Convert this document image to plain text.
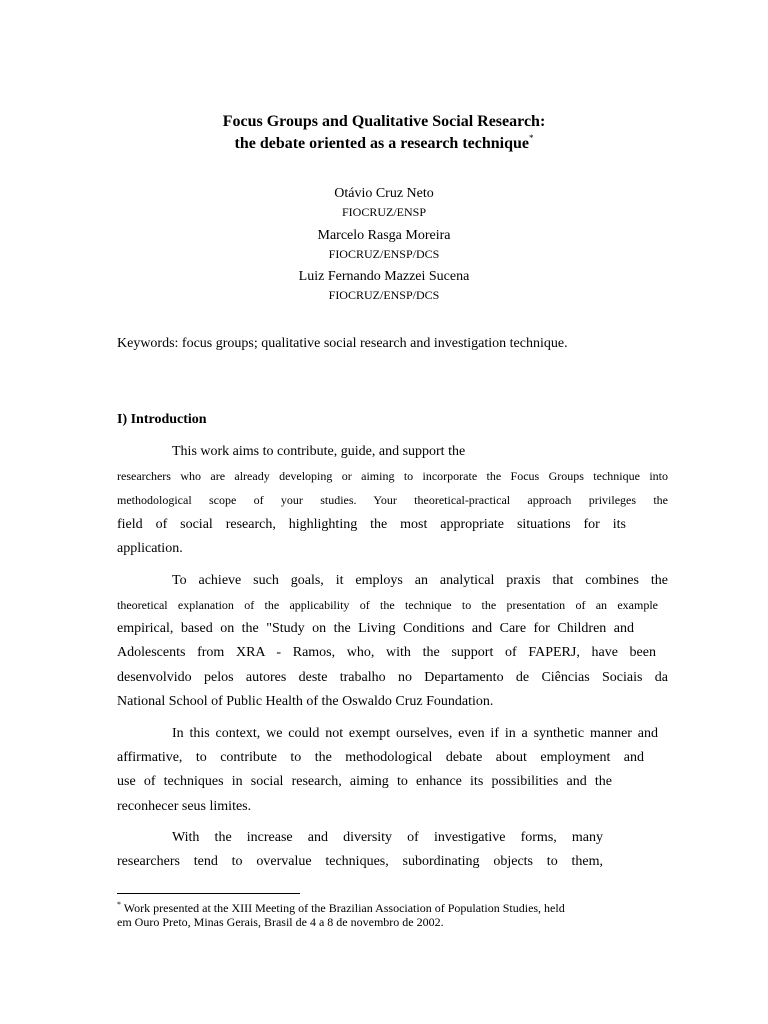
Focus Groups and Qualitative Social Research:
the debate oriented as a research technique*
Otávio Cruz Neto
FIOCRUZ/ENSP
Marcelo Rasga Moreira
FIOCRUZ/ENSP/DCS
Luiz Fernando Mazzei Sucena
FIOCRUZ/ENSP/DCS
Keywords: focus groups; qualitative social research and investigation technique.
I) Introduction
This work aims to contribute, guide, and support the
researchers who are already developing or aiming to incorporate the Focus Groups technique into
methodological scope of your studies. Your theoretical-practical approach privileges the
field of social research, highlighting the most appropriate situations for its
application.
To achieve such goals, it employs an analytical praxis that combines the
theoretical explanation of the applicability of the technique to the presentation of an example
empirical, based on the "Study on the Living Conditions and Care for Children and
Adolescents from XRA - Ramos, who, with the support of FAPERJ, have been
desenvolvido pelos autores deste trabalho no Departamento de Ciências Sociais da
National School of Public Health of the Oswaldo Cruz Foundation.
In this context, we could not exempt ourselves, even if in a synthetic manner and
affirmative, to contribute to the methodological debate about employment and
use of techniques in social research, aiming to enhance its possibilities and the
reconhecer seus limites.
With the increase and diversity of investigative forms, many
researchers tend to overvalue techniques, subordinating objects to them,
* Work presented at the XIII Meeting of the Brazilian Association of Population Studies, held
em Ouro Preto, Minas Gerais, Brasil de 4 a 8 de novembro de 2002.
